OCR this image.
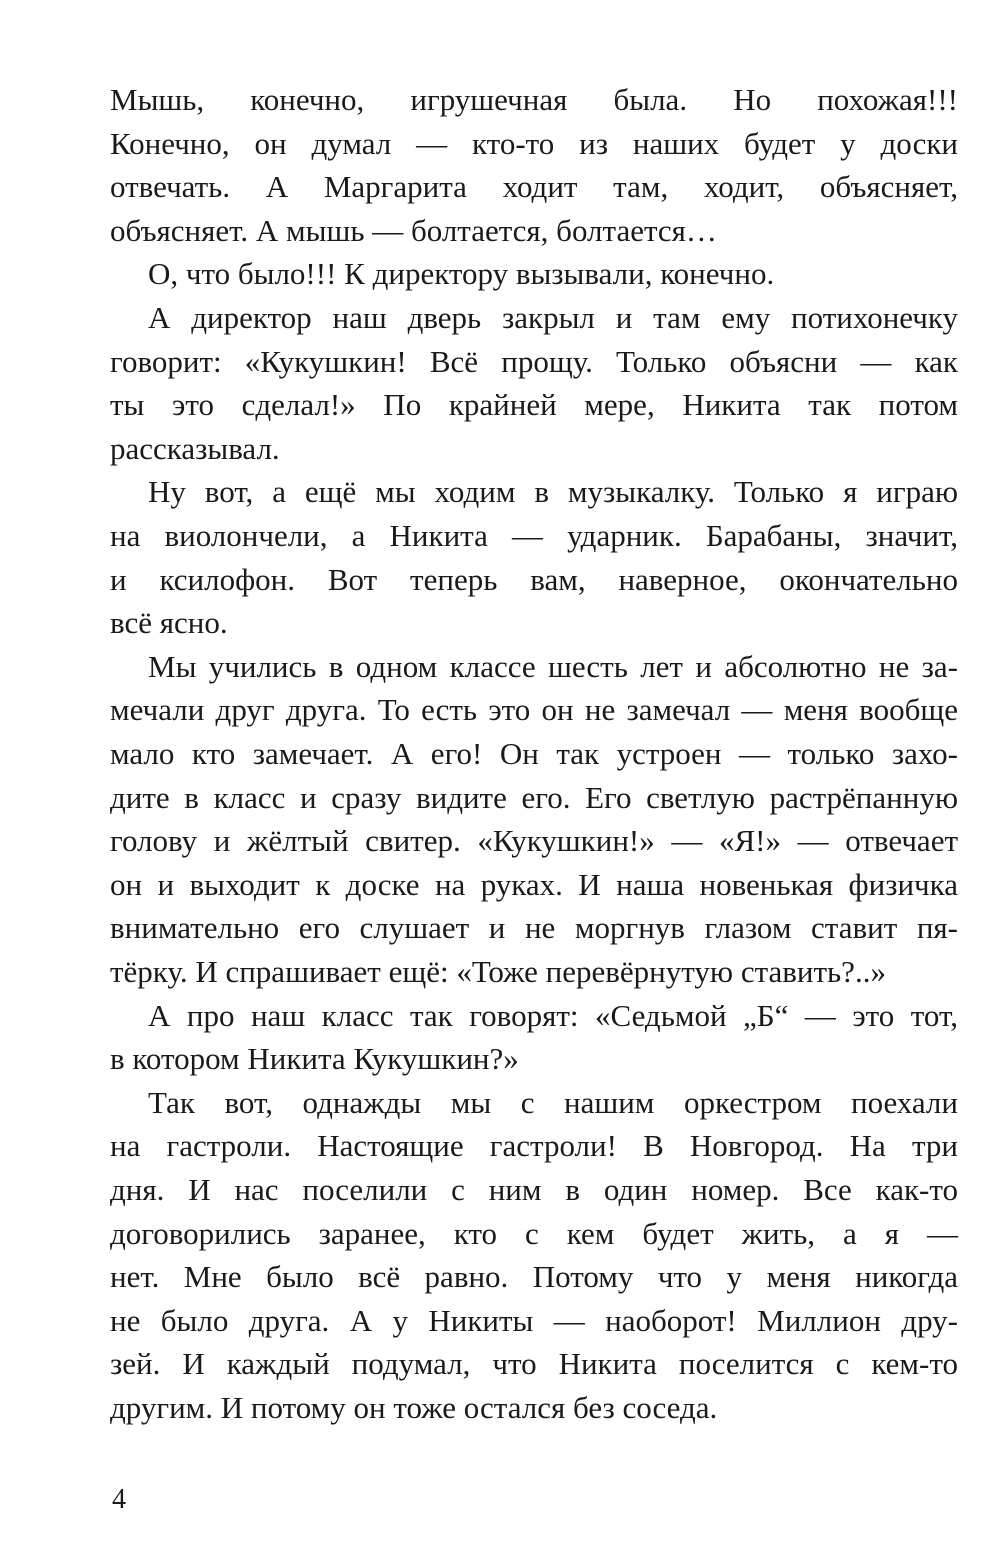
Мышь, конечно, игрушечная была. Но похожая!!!
Конечно, он думал — кто-то из наших будет у доски
отвечать. А Маргарита ходит там, ходит, объясняет,
объясняет. А мышь — болтается, болтается…
О, что было!!! К директору вызывали, конечно.
А директор наш дверь закрыл и там ему потихонечку
говорит: «Кукушкин! Всё прощу. Только объясни — как
ты это сделал!» По крайней мере, Никита так потом
рассказывал.
Ну вот, а ещё мы ходим в музыкалку. Только я играю
на виолончели, а Никита — ударник. Барабаны, значит,
и ксилофон. Вот теперь вам, наверное, окончательно
всё ясно.
Мы учились в одном классе шесть лет и абсолютно не за-
мечали друг друга. То есть это он не замечал — меня вообще
мало кто замечает. А его! Он так устроен — только захо-
дите в класс и сразу видите его. Его светлую растрёпанную
голову и жёлтый свитер. «Кукушкин!» — «Я!» — отвечает
он и выходит к доске на руках. И наша новенькая физичка
внимательно его слушает и не моргнув глазом ставит пя-
тёрку. И спрашивает ещё: «Тоже перевёрнутую ставить?..»
А про наш класс так говорят: «Седьмой „Б“ — это тот,
в котором Никита Кукушкин?»
Так вот, однажды мы с нашим оркестром поехали
на гастроли. Настоящие гастроли! В Новгород. На три
дня. И нас поселили с ним в один номер. Все как-то
договорились заранее, кто с кем будет жить, а я —
нет. Мне было всё равно. Потому что у меня никогда
не было друга. А у Никиты — наоборот! Миллион дру-
зей. И каждый подумал, что Никита поселится с кем-то
другим. И потому он тоже остался без соседа.
4
